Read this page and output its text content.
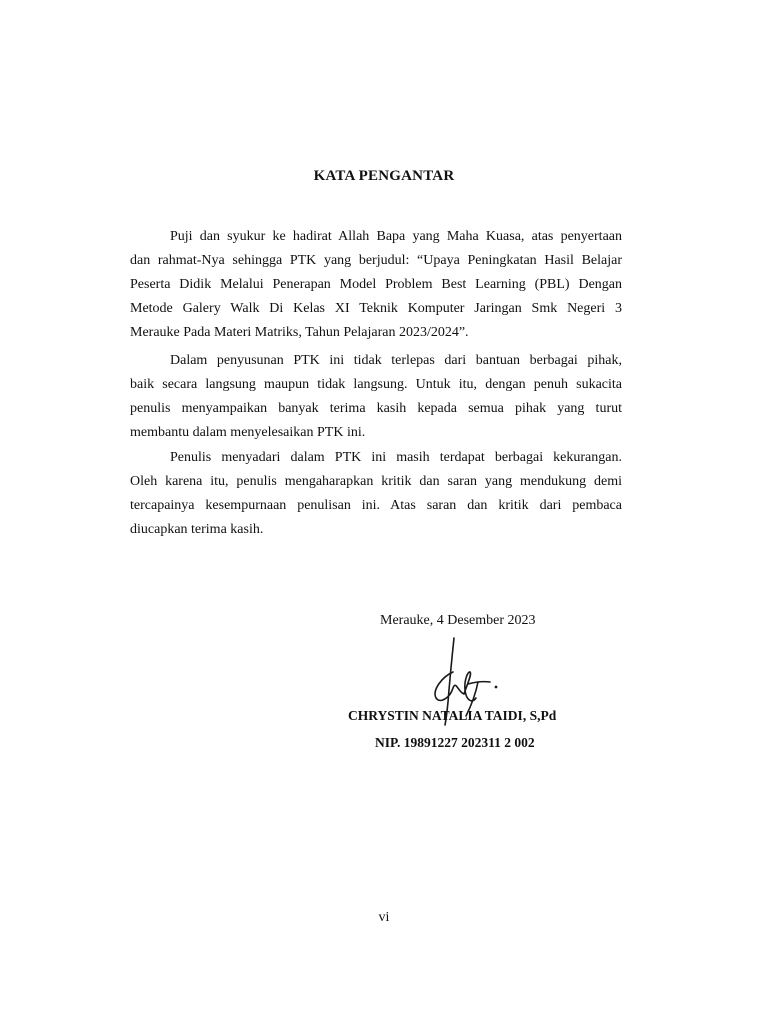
KATA PENGANTAR
Puji dan syukur ke hadirat Allah Bapa yang Maha Kuasa, atas penyertaan
dan rahmat-Nya sehingga PTK yang berjudul: “Upaya Peningkatan Hasil Belajar
Peserta Didik Melalui Penerapan Model Problem Best Learning (PBL) Dengan
Metode Galery Walk Di Kelas XI Teknik Komputer Jaringan Smk Negeri 3
Merauke Pada Materi Matriks, Tahun Pelajaran 2023/2024”.
Dalam penyusunan PTK ini tidak terlepas dari bantuan berbagai pihak,
baik secara langsung maupun tidak langsung. Untuk itu, dengan penuh sukacita
penulis menyampaikan banyak terima kasih kepada semua pihak yang turut
membantu dalam menyelesaikan PTK ini.
Penulis menyadari dalam PTK ini masih terdapat berbagai kekurangan.
Oleh karena itu, penulis mengaharapkan kritik dan saran yang mendukung demi
tercapainya kesempurnaan penulisan ini. Atas saran dan kritik dari pembaca
diucapkan terima kasih.
Merauke, 4 Desember 2023
CHRYSTIN NATALIA TAIDI, S,Pd
NIP. 19891227 202311 2 002
vi
